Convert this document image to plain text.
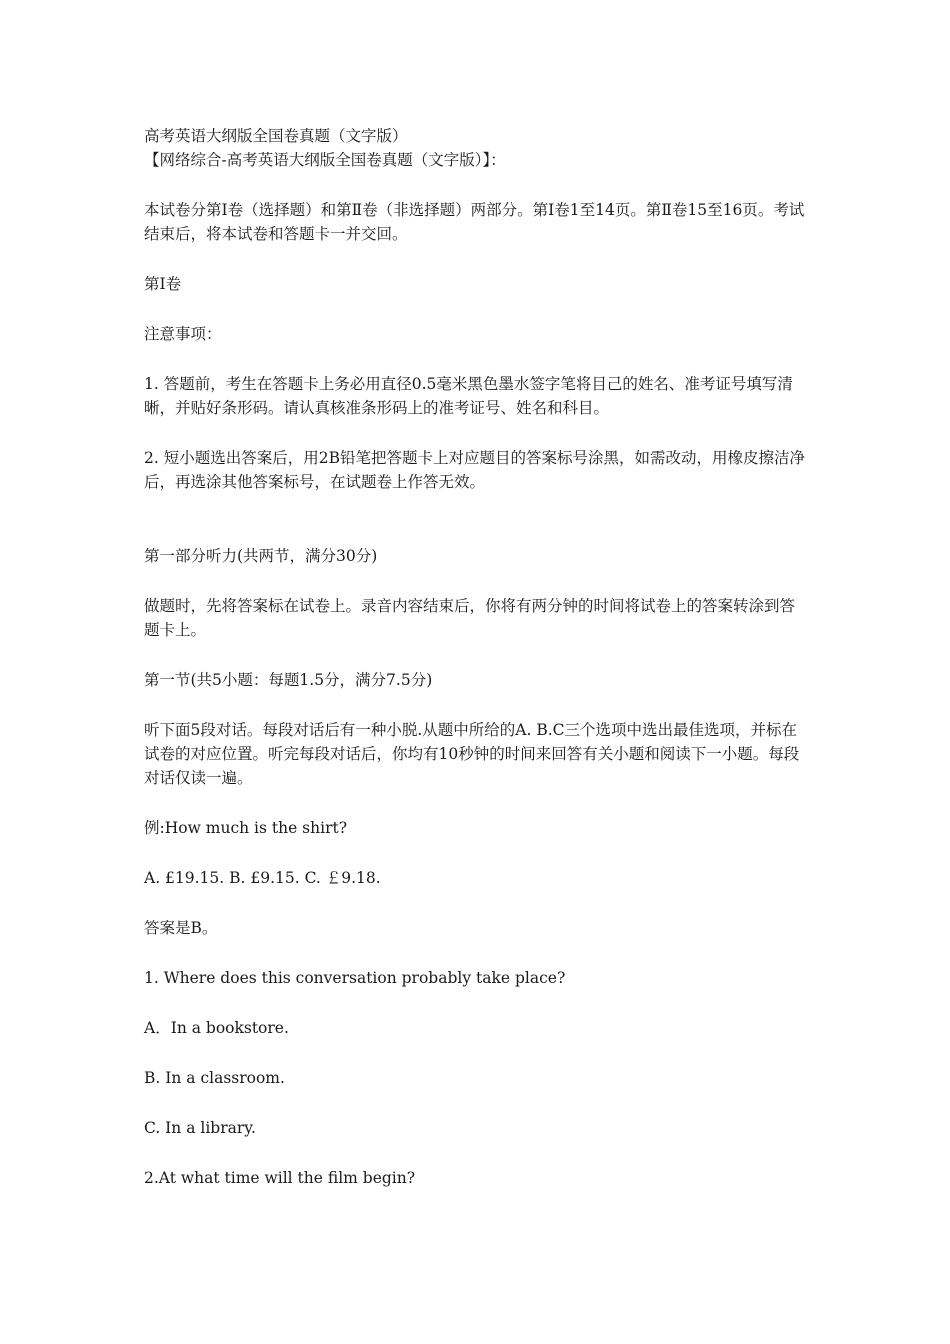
高考英语大纲版全国卷真题（文字版）

【网络综合-高考英语大纲版全国卷真题（文字版）】：

本试卷分第Ⅰ卷（选择题）和第Ⅱ卷（非选择题）两部分。第Ⅰ卷1至14页。第Ⅱ卷15至16页。考试结束后，将本试卷和答题卡一并交回。

第Ⅰ卷

注意事项：

1. 答题前，考生在答题卡上务必用直径0.5毫米黑色墨水签字笔将目己的姓名、准考证号填写清晰，并贴好条形码。请认真核准条形码上的准考证号、姓名和科目。

2. 短小题选出答案后，用2B铅笔把答题卡上对应题目的答案标号涂黑，如需改动，用橡皮擦洁净后，再选涂其他答案标号，在试题卷上作答无效。

第一部分听力(共两节，满分30分)

做题时，先将答案标在试卷上。录音内容结束后，你将有两分钟的时间将试卷上的答案转涂到答题卡上。

第一节(共5小题：每题1.5分，满分7.5分)

听下面5段对话。每段对话后有一种小脱.从题中所给的A. B.C三个选项中选出最佳选项，并标在试卷的对应位置。听完每段对话后，你均有10秒钟的时间来回答有关小题和阅读下一小题。每段对话仅读一遍。

例:How much is the shirt?

A. £19.15. B. £9.15. C. ￡9.18.

答案是B。

1. Where does this conversation probably take place?

A．In a bookstore.

B. In a classroom.

C. In a library.

2.At what time will the film begin?
